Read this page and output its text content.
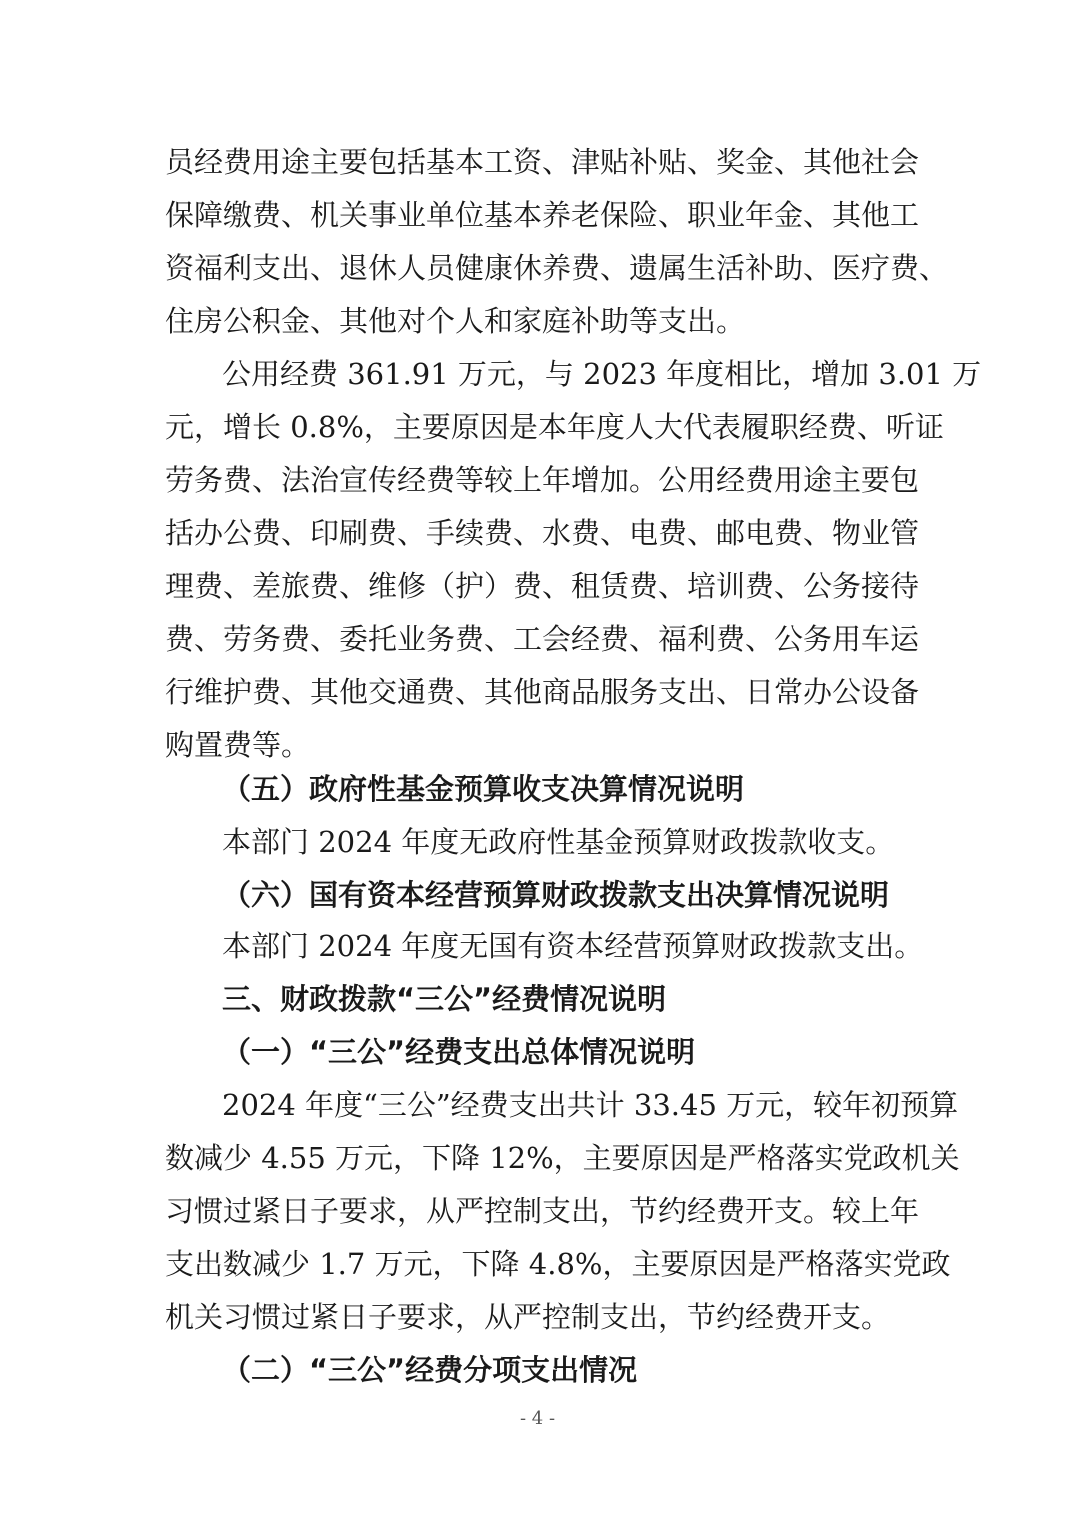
员经费用途主要包括基本工资、津贴补贴、奖金、其他社会
保障缴费、机关事业单位基本养老保险、职业年金、其他工
资福利支出、退休人员健康休养费、遗属生活补助、医疗费、
住房公积金、其他对个人和家庭补助等支出。
公用经费 361.91 万元，与 2023 年度相比，增加 3.01 万
元，增长 0.8%，主要原因是本年度人大代表履职经费、听证
劳务费、法治宣传经费等较上年增加。公用经费用途主要包
括办公费、印刷费、手续费、水费、电费、邮电费、物业管
理费、差旅费、维修（护）费、租赁费、培训费、公务接待
费、劳务费、委托业务费、工会经费、福利费、公务用车运
行维护费、其他交通费、其他商品服务支出、日常办公设备
购置费等。
（五）政府性基金预算收支决算情况说明
本部门 2024 年度无政府性基金预算财政拨款收支。
（六）国有资本经营预算财政拨款支出决算情况说明
本部门 2024 年度无国有资本经营预算财政拨款支出。
三、财政拨款“三公”经费情况说明
（一）“三公”经费支出总体情况说明
2024 年度“三公”经费支出共计 33.45 万元，较年初预算
数减少 4.55 万元，下降 12%，主要原因是严格落实党政机关
习惯过紧日子要求，从严控制支出，节约经费开支。较上年
支出数减少 1.7 万元，下降 4.8%，主要原因是严格落实党政
机关习惯过紧日子要求，从严控制支出，节约经费开支。
（二）“三公”经费分项支出情况
- 4 -
